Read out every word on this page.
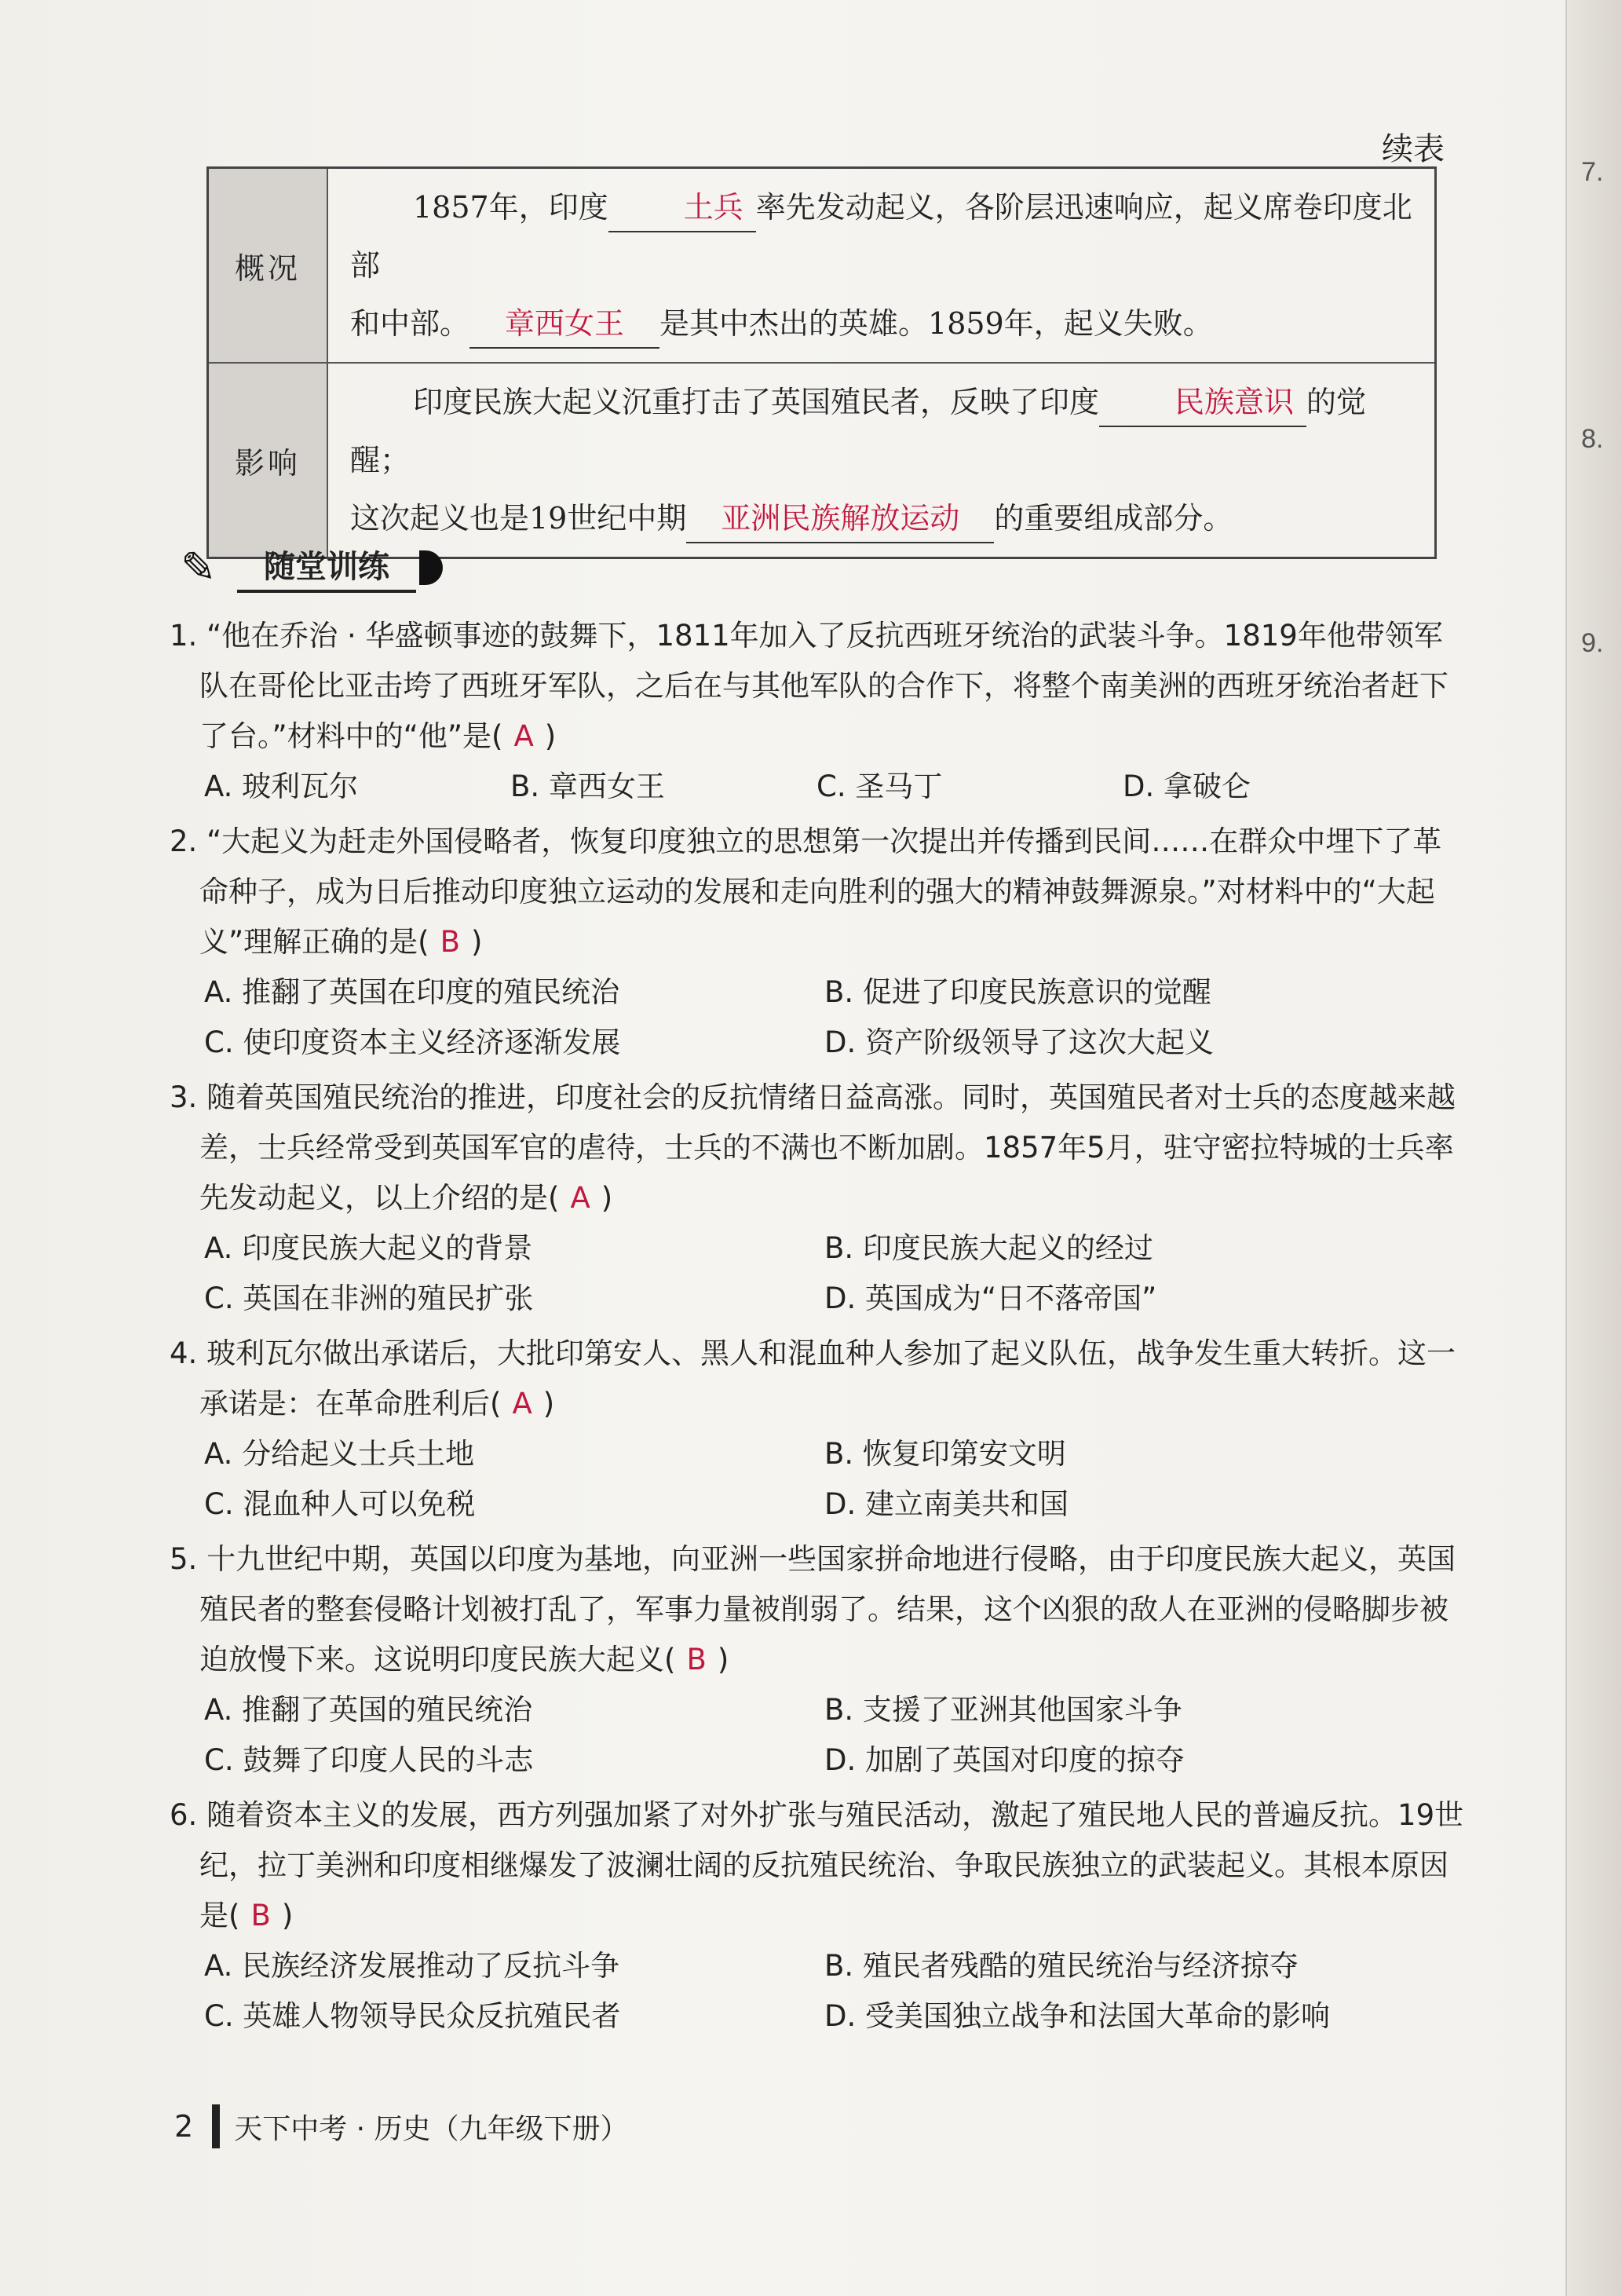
7.
8.
9.
续表
概况	1857年，印度 土兵 率先发动起义，各阶层迅速响应，起义席卷印度北部
和中部。 章西女王 是其中杰出的英雄。1859年，起义失败。

影响	印度民族大起义沉重打击了英国殖民者，反映了印度 民族意识 的觉醒；
这次起义也是19世纪中期 亚洲民族解放运动 的重要组成部分。
✎	随堂训练
1. “他在乔治 · 华盛顿事迹的鼓舞下，1811年加入了反抗西班牙统治的武装斗争。1819年他带领军队在哥伦比亚击垮了西班牙军队，之后在与其他军队的合作下，将整个南美洲的西班牙统治者赶下了台。”材料中的“他”是( A )
A. 玻利瓦尔	B. 章西女王	C. 圣马丁	D. 拿破仑
2. “大起义为赶走外国侵略者，恢复印度独立的思想第一次提出并传播到民间……在群众中埋下了革命种子，成为日后推动印度独立运动的发展和走向胜利的强大的精神鼓舞源泉。”对材料中的“大起义”理解正确的是( B )
A. 推翻了英国在印度的殖民统治	B. 促进了印度民族意识的觉醒
C. 使印度资本主义经济逐渐发展	D. 资产阶级领导了这次大起义
3. 随着英国殖民统治的推进，印度社会的反抗情绪日益高涨。同时，英国殖民者对士兵的态度越来越差，士兵经常受到英国军官的虐待，士兵的不满也不断加剧。1857年5月，驻守密拉特城的士兵率先发动起义，以上介绍的是( A )
A. 印度民族大起义的背景	B. 印度民族大起义的经过
C. 英国在非洲的殖民扩张	D. 英国成为“日不落帝国”
4. 玻利瓦尔做出承诺后，大批印第安人、黑人和混血种人参加了起义队伍，战争发生重大转折。这一承诺是：在革命胜利后( A )
A. 分给起义士兵土地	B. 恢复印第安文明
C. 混血种人可以免税	D. 建立南美共和国
5. 十九世纪中期，英国以印度为基地，向亚洲一些国家拼命地进行侵略，由于印度民族大起义，英国殖民者的整套侵略计划被打乱了，军事力量被削弱了。结果，这个凶狠的敌人在亚洲的侵略脚步被迫放慢下来。这说明印度民族大起义( B )
A. 推翻了英国的殖民统治	B. 支援了亚洲其他国家斗争
C. 鼓舞了印度人民的斗志	D. 加剧了英国对印度的掠夺
6. 随着资本主义的发展，西方列强加紧了对外扩张与殖民活动，激起了殖民地人民的普遍反抗。19世纪，拉丁美洲和印度相继爆发了波澜壮阔的反抗殖民统治、争取民族独立的武装起义。其根本原因是( B )
A. 民族经济发展推动了反抗斗争	B. 殖民者残酷的殖民统治与经济掠夺
C. 英雄人物领导民众反抗殖民者	D. 受美国独立战争和法国大革命的影响
2 天下中考 · 历史（九年级下册）
